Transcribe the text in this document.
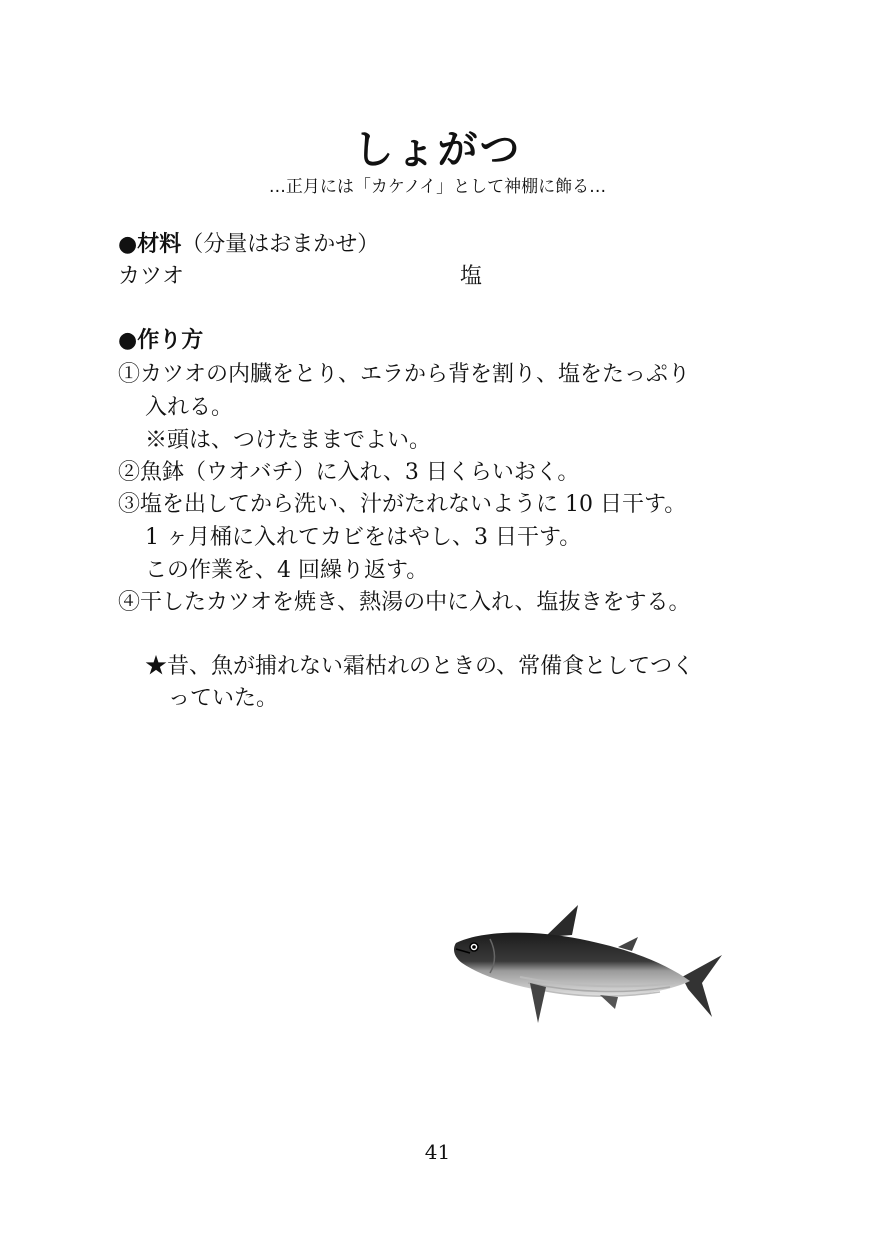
しょがつ
…正月には「カケノイ」として神棚に飾る…
●材料（分量はおまかせ）
カツオ	塩
●作り方
①カツオの内臓をとり、エラから背を割り、塩をたっぷり
入れる。
※頭は、つけたままでよい。
②魚鉢（ウオバチ）に入れ、3 日くらいおく。
③塩を出してから洗い、汁がたれないように 10 日干す。
1 ヶ月桶に入れてカビをはやし、3 日干す。
この作業を、4 回繰り返す。
④干したカツオを焼き、熱湯の中に入れ、塩抜きをする。
★昔、魚が捕れない霜枯れのときの、常備食としてつく
っていた。
41
